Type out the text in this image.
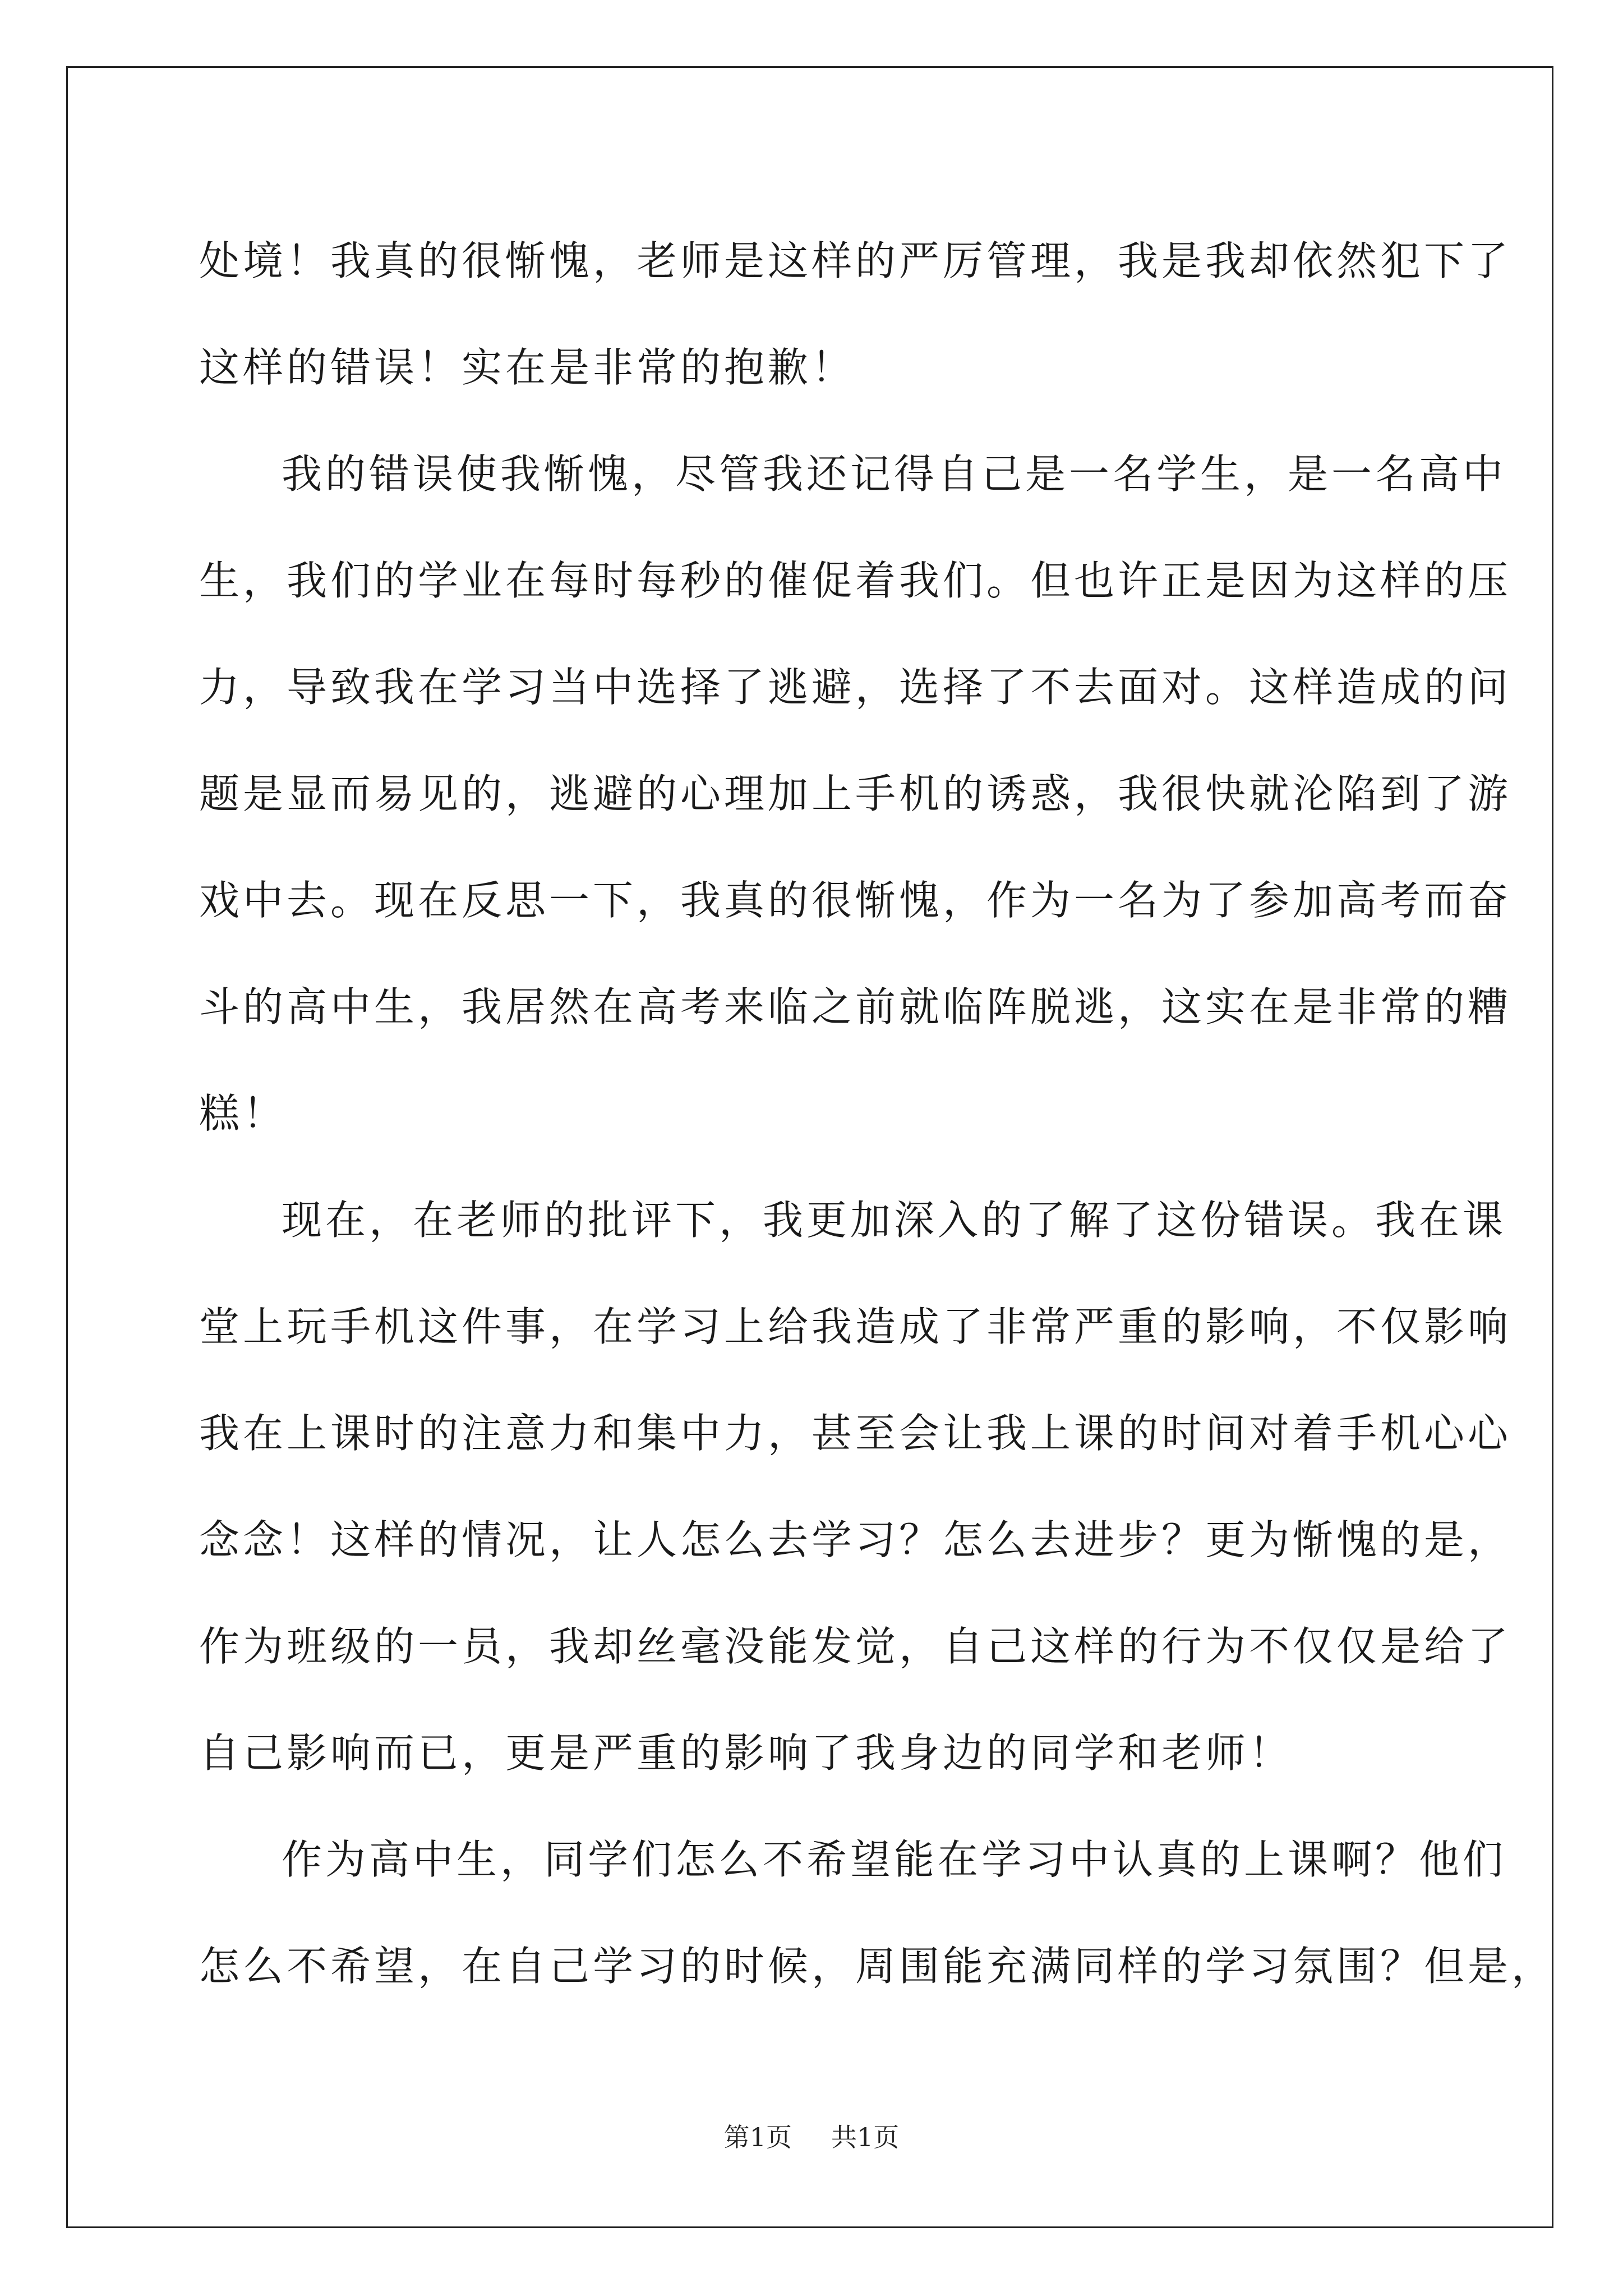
处境！我真的很惭愧，老师是这样的严厉管理，我是我却依然犯下了

这样的错误！实在是非常的抱歉！

我的错误使我惭愧，尽管我还记得自己是一名学生，是一名高中

生，我们的学业在每时每秒的催促着我们。但也许正是因为这样的压

力，导致我在学习当中选择了逃避，选择了不去面对。这样造成的问

题是显而易见的，逃避的心理加上手机的诱惑，我很快就沦陷到了游

戏中去。现在反思一下，我真的很惭愧，作为一名为了参加高考而奋

斗的高中生，我居然在高考来临之前就临阵脱逃，这实在是非常的糟

糕！

现在，在老师的批评下，我更加深入的了解了这份错误。我在课

堂上玩手机这件事，在学习上给我造成了非常严重的影响，不仅影响

我在上课时的注意力和集中力，甚至会让我上课的时间对着手机心心

念念！这样的情况，让人怎么去学习？怎么去进步？更为惭愧的是，

作为班级的一员，我却丝毫没能发觉，自己这样的行为不仅仅是给了

自己影响而已，更是严重的影响了我身边的同学和老师！

作为高中生，同学们怎么不希望能在学习中认真的上课啊？他们

怎么不希望，在自己学习的时候，周围能充满同样的学习氛围？但是，

第1页 共1页
